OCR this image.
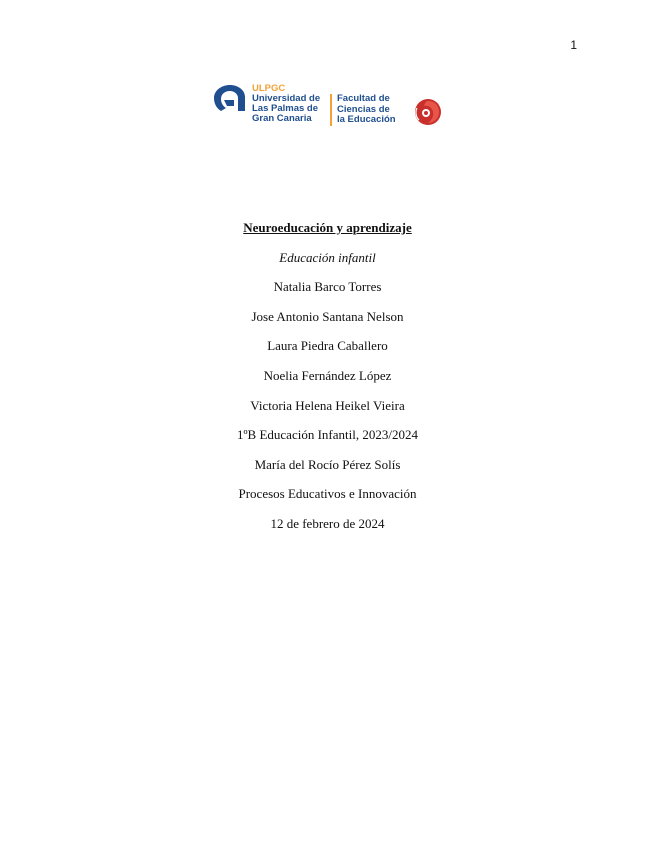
1
ULPGC
Universidad de
Las Palmas de
Gran Canaria
Facultad de
Ciencias de
la Educación

Neuroeducación y aprendizaje

Educación infantil

Natalia Barco Torres

Jose Antonio Santana Nelson

Laura Piedra Caballero

Noelia Fernández López

Victoria Helena Heikel Vieira

1ºB Educación Infantil, 2023/2024

María del Rocío Pérez Solís

Procesos Educativos e Innovación

12 de febrero de 2024
